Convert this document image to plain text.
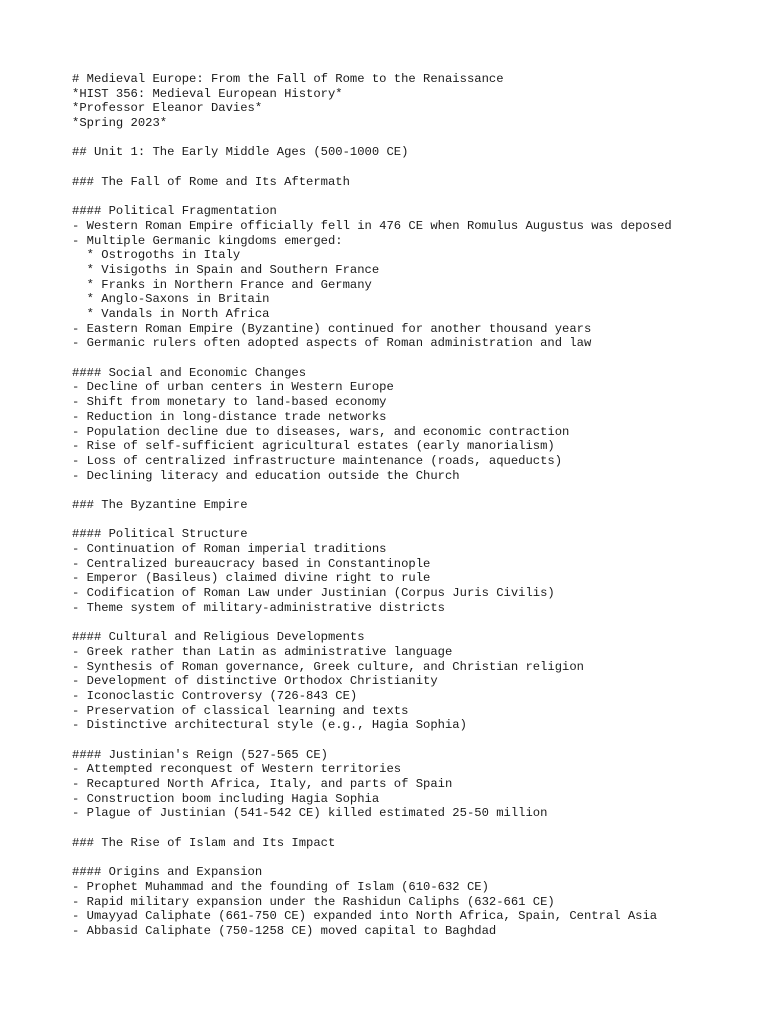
# Medieval Europe: From the Fall of Rome to the Renaissance
*HIST 356: Medieval European History*
*Professor Eleanor Davies*
*Spring 2023*
## Unit 1: The Early Middle Ages (500-1000 CE)
### The Fall of Rome and Its Aftermath
#### Political Fragmentation
- Western Roman Empire officially fell in 476 CE when Romulus Augustus was deposed
- Multiple Germanic kingdoms emerged:
* Ostrogoths in Italy
* Visigoths in Spain and Southern France
* Franks in Northern France and Germany
* Anglo-Saxons in Britain
* Vandals in North Africa
- Eastern Roman Empire (Byzantine) continued for another thousand years
- Germanic rulers often adopted aspects of Roman administration and law
#### Social and Economic Changes
- Decline of urban centers in Western Europe
- Shift from monetary to land-based economy
- Reduction in long-distance trade networks
- Population decline due to diseases, wars, and economic contraction
- Rise of self-sufficient agricultural estates (early manorialism)
- Loss of centralized infrastructure maintenance (roads, aqueducts)
- Declining literacy and education outside the Church
### The Byzantine Empire
#### Political Structure
- Continuation of Roman imperial traditions
- Centralized bureaucracy based in Constantinople
- Emperor (Basileus) claimed divine right to rule
- Codification of Roman Law under Justinian (Corpus Juris Civilis)
- Theme system of military-administrative districts
#### Cultural and Religious Developments
- Greek rather than Latin as administrative language
- Synthesis of Roman governance, Greek culture, and Christian religion
- Development of distinctive Orthodox Christianity
- Iconoclastic Controversy (726-843 CE)
- Preservation of classical learning and texts
- Distinctive architectural style (e.g., Hagia Sophia)
#### Justinian's Reign (527-565 CE)
- Attempted reconquest of Western territories
- Recaptured North Africa, Italy, and parts of Spain
- Construction boom including Hagia Sophia
- Plague of Justinian (541-542 CE) killed estimated 25-50 million
### The Rise of Islam and Its Impact
#### Origins and Expansion
- Prophet Muhammad and the founding of Islam (610-632 CE)
- Rapid military expansion under the Rashidun Caliphs (632-661 CE)
- Umayyad Caliphate (661-750 CE) expanded into North Africa, Spain, Central Asia
- Abbasid Caliphate (750-1258 CE) moved capital to Baghdad
